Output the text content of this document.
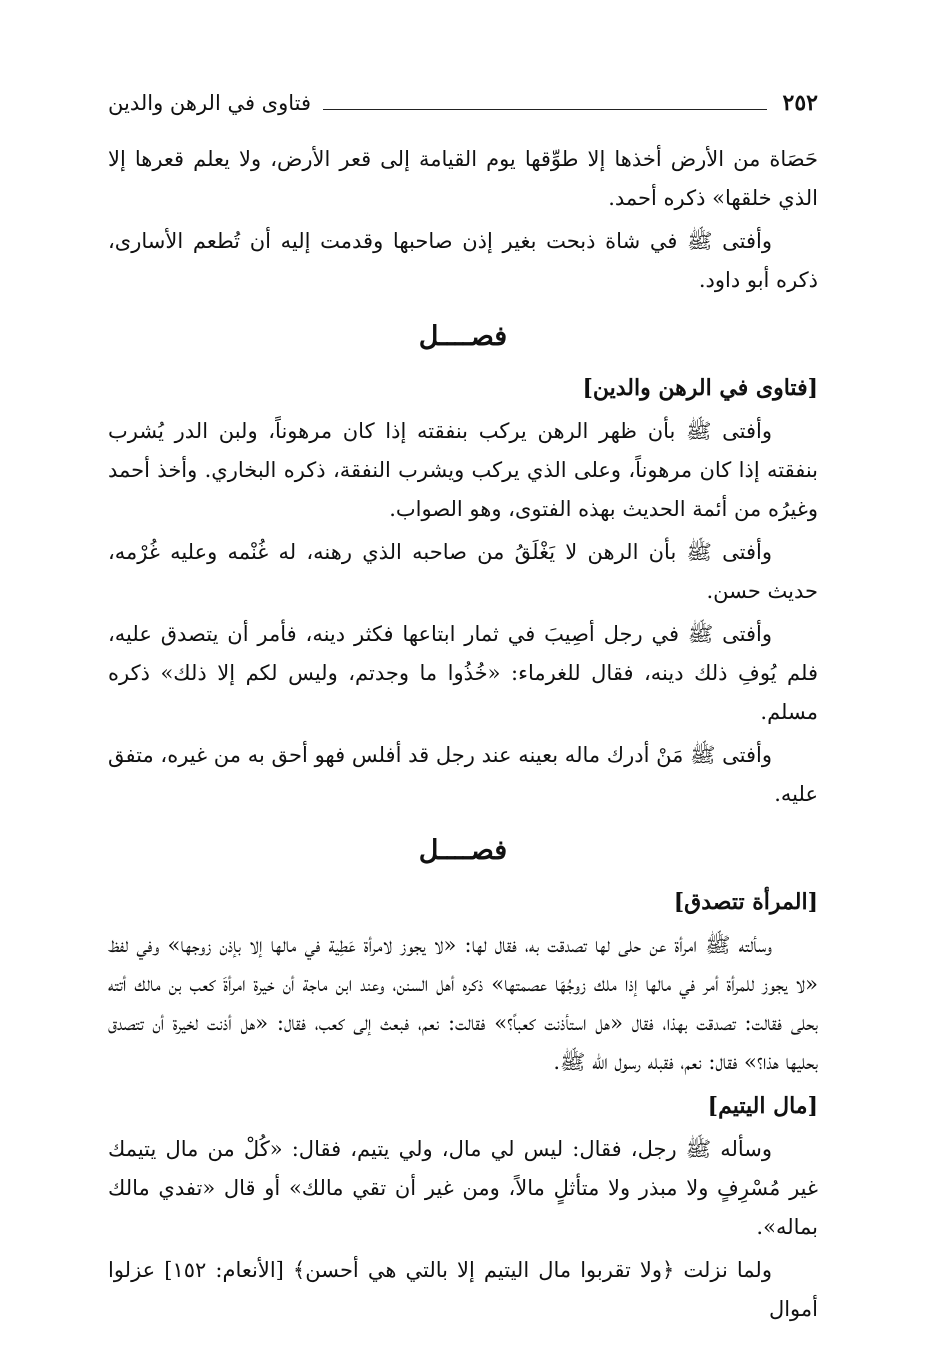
٢٥٢
فتاوى في الرهن والدين

حَصَاة من الأرض أخذها إلا طوِّقها يوم القيامة إلى قعر الأرض، ولا يعلم قعرها إلا الذي خلقها» ذكره أحمد.

وأفتى ﷺ في شاة ذبحت بغير إذن صاحبها وقدمت إليه أن تُطعم الأسارى، ذكره أبو داود.

فصــــل
[فتاوى في الرهن والدين]

وأفتى ﷺ بأن ظهر الرهن يركب بنفقته إذا كان مرهوناً، ولبن الدر يُشرب بنفقته إذا كان مرهوناً، وعلى الذي يركب ويشرب النفقة، ذكره البخاري. وأخذ أحمد وغيرُه من أئمة الحديث بهذه الفتوى، وهو الصواب.

وأفتى ﷺ بأن الرهن لا يَغْلَقُ من صاحبه الذي رهنه، له غُنْمه وعليه غُرْمه، حديث حسن.

وأفتى ﷺ في رجل أصِيبَ في ثمار ابتاعها فكثر دينه، فأمر أن يتصدق عليه، فلم يُوفِ ذلك دينه، فقال للغرماء: «خُذُوا ما وجدتم، وليس لكم إلا ذلك» ذكره مسلم.

وأفتى ﷺ مَنْ أدرك ماله بعينه عند رجل قد أفلس فهو أحق به من غيره، متفق عليه.

فصــــل
[المرأة تتصدق]

وسألته ﷺ امرأة عن حلى لها تصدقت به، فقال لها: «لا يجوز لامرأة عَطِية في مالها إلا بإذن زوجها» وفي لفظ «لا يجوز للمرأة أمر في مالها إذا ملك زوجُهَا عصمتها» ذكره أهل السنن، وعند ابن ماجة أن خيرة امرأةَ كعب بن مالك أتته بحلى فقالت: تصدقت بهذا، فقال «هل استأذنت كعباً؟» فقالت: نعم، فبعث إلى كعب، فقال: «هل أذنت لخيرة أن تتصدق بحليها هذا؟» فقال: نعم، فقبله رسول الله ﷺ.

[مال اليتيم]

وسأله ﷺ رجل، فقال: ليس لي مال، ولي يتيم، فقال: «كُلْ من مال يتيمك غير مُسْرِفٍ ولا مبذر ولا متأثلٍ مالاً، ومن غير أن تقي مالك» أو قال «تفدي مالك بماله».

ولما نزلت ﴿ولا تقربوا مال اليتيم إلا بالتي هي أحسن﴾ [الأنعام: ١٥٢] عزلوا أموال
